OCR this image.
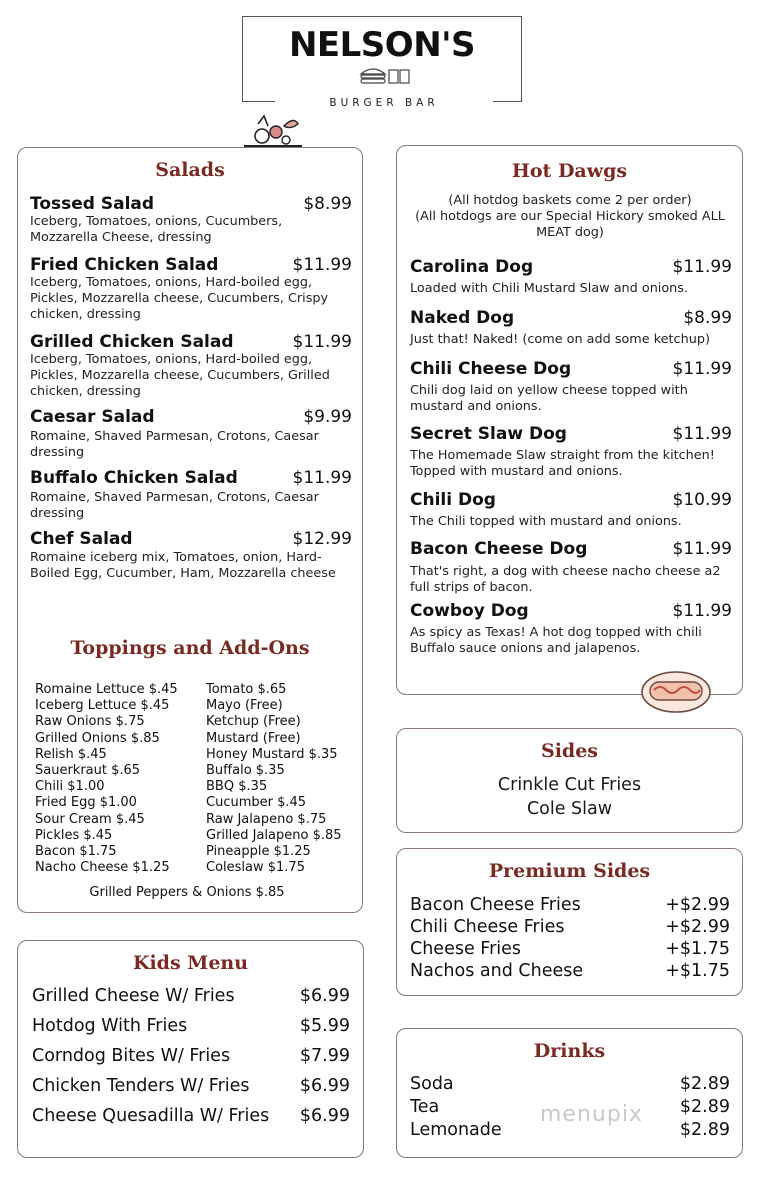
NELSON'S
BURGER BAR
Salads
Tossed Salad	$8.99
Iceberg, Tomatoes, onions, Cucumbers, Mozzarella Cheese, dressing
Fried Chicken Salad	$11.99
Iceberg, Tomatoes, onions, Hard-boiled egg, Pickles, Mozzarella cheese, Cucumbers, Crispy chicken, dressing
Grilled Chicken Salad	$11.99
Iceberg, Tomatoes, onions, Hard-boiled egg, Pickles, Mozzarella cheese, Cucumbers, Grilled chicken, dressing
Caesar Salad	$9.99
Romaine, Shaved Parmesan, Crotons, Caesar dressing
Buffalo Chicken Salad	$11.99
Romaine, Shaved Parmesan, Crotons, Caesar dressing
Chef Salad	$12.99
Romaine iceberg mix, Tomatoes, onion, Hard-Boiled Egg, Cucumber, Ham, Mozzarella cheese
Toppings and Add-Ons
Romaine Lettuce $.45
Iceberg Lettuce $.45
Raw Onions $.75
Grilled Onions $.85
Relish $.45
Sauerkraut $.65
Chili $1.00
Fried Egg $1.00
Sour Cream $.45
Pickles $.45
Bacon $1.75
Nacho Cheese $1.25
Tomato $.65
Mayo (Free)
Ketchup (Free)
Mustard (Free)
Honey Mustard $.35
Buffalo $.35
BBQ $.35
Cucumber $.45
Raw Jalapeno $.75
Grilled Jalapeno $.85
Pineapple $1.25
Coleslaw $1.75
Grilled Peppers & Onions $.85
Kids Menu
Grilled Cheese W/ Fries	$6.99
Hotdog With Fries	$5.99
Corndog Bites W/ Fries	$7.99
Chicken Tenders W/ Fries	$6.99
Cheese Quesadilla W/ Fries $6.99
Hot Dawgs
(All hotdog baskets come 2 per order)
(All hotdogs are our Special Hickory smoked ALL MEAT dog)
Carolina Dog	$11.99
Loaded with Chili Mustard Slaw and onions.
Naked Dog	$8.99
Just that! Naked! (come on add some ketchup)
Chili Cheese Dog	$11.99
Chili dog laid on yellow cheese topped with mustard and onions.
Secret Slaw Dog	$11.99
The Homemade Slaw straight from the kitchen! Topped with mustard and onions.
Chili Dog	$10.99
The Chili topped with mustard and onions.
Bacon Cheese Dog	$11.99
That's right, a dog with cheese nacho cheese a2 full strips of bacon.
Cowboy Dog	$11.99
As spicy as Texas! A hot dog topped with chili Buffalo sauce onions and jalapenos.
Sides
Crinkle Cut Fries
Cole Slaw
Premium Sides
Bacon Cheese Fries	+$2.99
Chili Cheese Fries	+$2.99
Cheese Fries	+$1.75
Nachos and Cheese	+$1.75
Drinks
menupix
Soda	$2.89
Tea	$2.89
Lemonade	$2.89
